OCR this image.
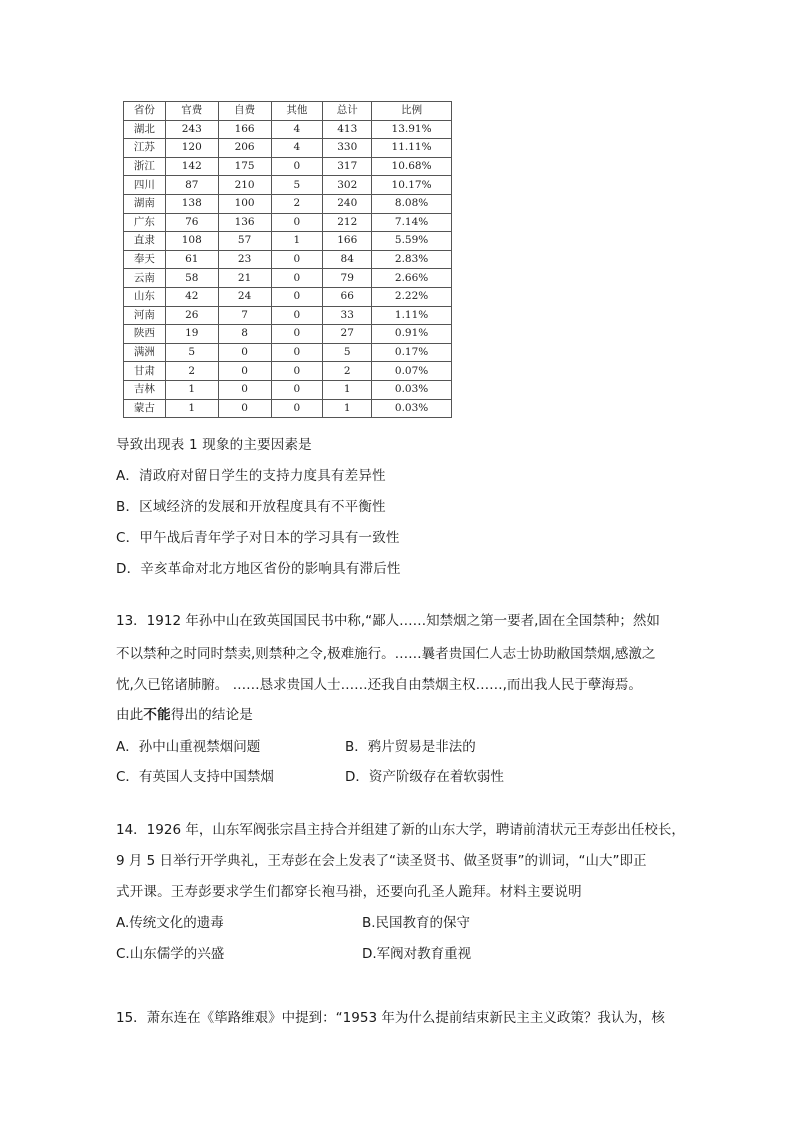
省份	官费	自费	其他	总计	比例
湖北	243	166	4	413	13.91%
江苏	120	206	4	330	11.11%
浙江	142	175	0	317	10.68%
四川	87	210	5	302	10.17%
湖南	138	100	2	240	8.08%
广东	76	136	0	212	7.14%
直隶	108	57	1	166	5.59%
奉天	61	23	0	84	2.83%
云南	58	21	0	79	2.66%
山东	42	24	0	66	2.22%
河南	26	7	0	33	1.11%
陕西	19	8	0	27	0.91%
满洲	5	0	0	5	0.17%
甘肃	2	0	0	2	0.07%
吉林	1	0	0	1	0.03%
蒙古	1	0	0	1	0.03%

导致出现表 1 现象的主要因素是

A．清政府对留日学生的支持力度具有差异性

B．区域经济的发展和开放程度具有不平衡性

C．甲午战后青年学子对日本的学习具有一致性

D．辛亥革命对北方地区省份的影响具有滞后性

13．1912 年孙中山在致英国国民书中称,“鄙人……知禁烟之第一要者,固在全国禁种；然如

不以禁种之时同时禁卖,则禁种之令,极难施行。……曩者贵国仁人志士协助敝国禁烟,感激之

忱,久已铭诸肺腑。 ……恳求贵国人士……还我自由禁烟主权……,而出我人民于孽海焉。

由此不能得出的结论是

A．孙中山重视禁烟问题	B．鸦片贸易是非法的

C．有英国人支持中国禁烟	D．资产阶级存在着软弱性

14．1926 年，山东军阀张宗昌主持合并组建了新的山东大学，聘请前清状元王寿彭出任校长，

9 月 5 日举行开学典礼，王寿彭在会上发表了“读圣贤书、做圣贤事”的训词，“山大”即正

式开课。王寿彭要求学生们都穿长袍马褂，还要向孔圣人跪拜。材料主要说明

A.传统文化的遗毒	B.民国教育的保守

C.山东儒学的兴盛	D.军阀对教育重视

15．萧东连在《筚路维艰》中提到：“1953 年为什么提前结束新民主主义政策？我认为，核
